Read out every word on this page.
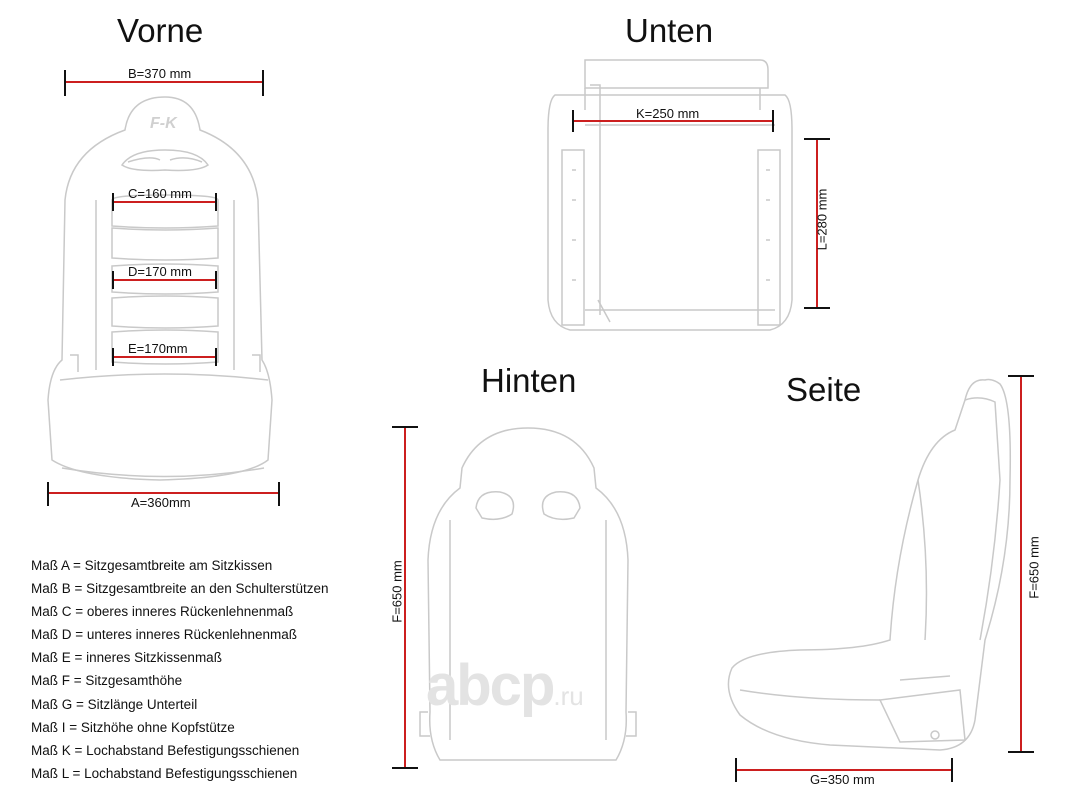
F-K
Vorne	Unten
Hinten	Seite
B=370 mm
C=160 mm
D=170 mm
E=170mm
A=360mm
K=250 mm
L=280 mm
F=650 mm	F=650 mm
G=350 mm
abcp.ru
Maß A = Sitzgesamtbreite am Sitzkissen
Maß B = Sitzgesamtbreite an den Schulterstützen
Maß C = oberes inneres Rückenlehnenmaß
Maß D = unteres inneres Rückenlehnenmaß
Maß E = inneres Sitzkissenmaß
Maß F = Sitzgesamthöhe
Maß G = Sitzlänge Unterteil
Maß I = Sitzhöhe ohne Kopfstütze
Maß K = Lochabstand Befestigungsschienen
Maß L = Lochabstand Befestigungsschienen
